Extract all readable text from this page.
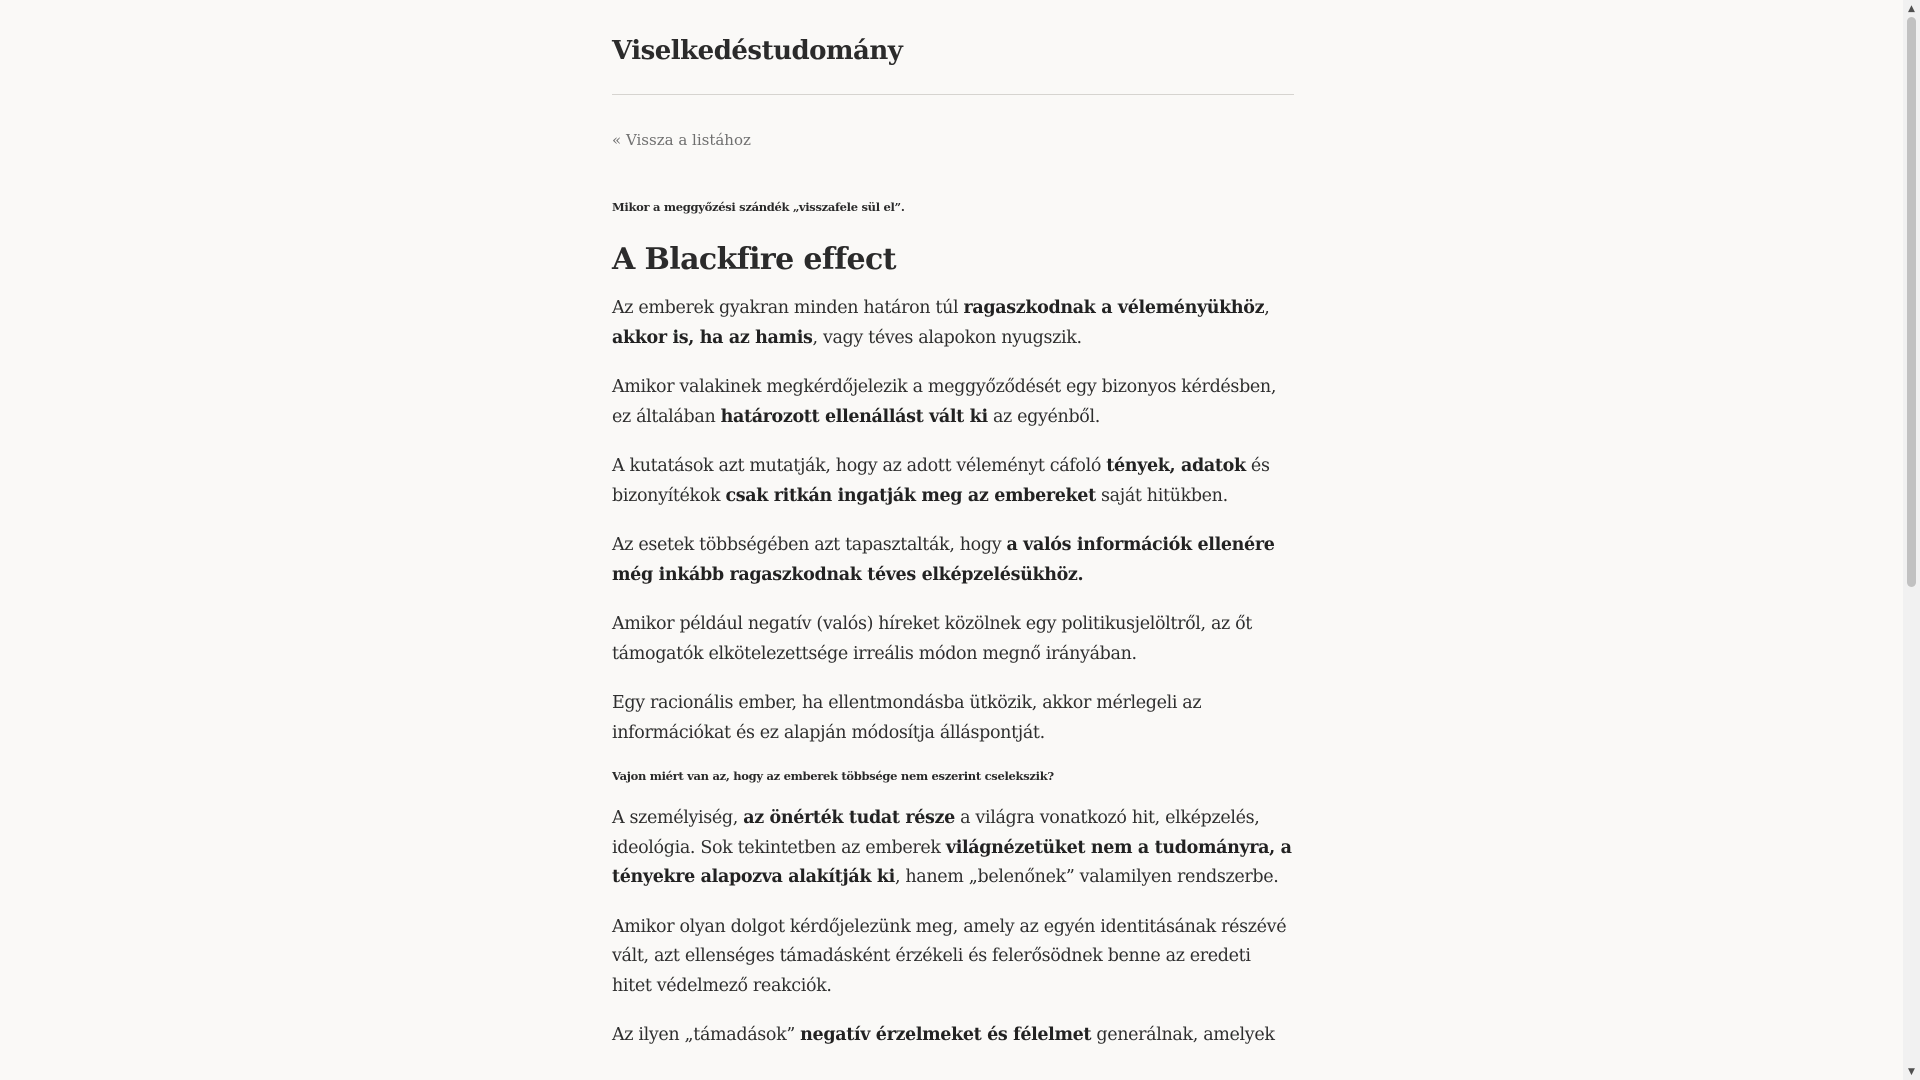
Viselkedéstudomány
« Vissza a listához

Mikor a meggyőzési szándék „visszafele sül el”.

A Blackfire effect

Az emberek gyakran minden határon túl ragaszkodnak a véleményükhöz, akkor is, ha az hamis, vagy téves alapokon nyugszik.

Amikor valakinek megkérdőjelezik a meggyőződését egy bizonyos kérdésben, ez általában határozott ellenállást vált ki az egyénből.

A kutatások azt mutatják, hogy az adott véleményt cáfoló tények, adatok és bizonyítékok csak ritkán ingatják meg az embereket saját hitükben.

Az esetek többségében azt tapasztalták, hogy a valós információk ellenére még inkább ragaszkodnak téves elképzelésükhöz.

Amikor például negatív (valós) híreket közölnek egy politikusjelöltről, az őt támogatók elkötelezettsége irreális módon megnő irányában.

Egy racionális ember, ha ellentmondásba ütközik, akkor mérlegeli az információkat és ez alapján módosítja álláspontját.

Vajon miért van az, hogy az emberek többsége nem eszerint cselekszik?

A személyiség, az önérték tudat része a világra vonatkozó hit, elképzelés, ideológia. Sok tekintetben az emberek világnézetüket nem a tudományra, a tényekre alapozva alakítják ki, hanem „belenőnek” valamilyen rendszerbe.

Amikor olyan dolgot kérdőjelezünk meg, amely az egyén identitásának részévé vált, azt ellenséges támadásként érzékeli és felerősödnek benne az eredeti hitet védelmező reakciók.

Az ilyen „támadások” negatív érzelmeket és félelmet generálnak, amelyek

▲
▼
